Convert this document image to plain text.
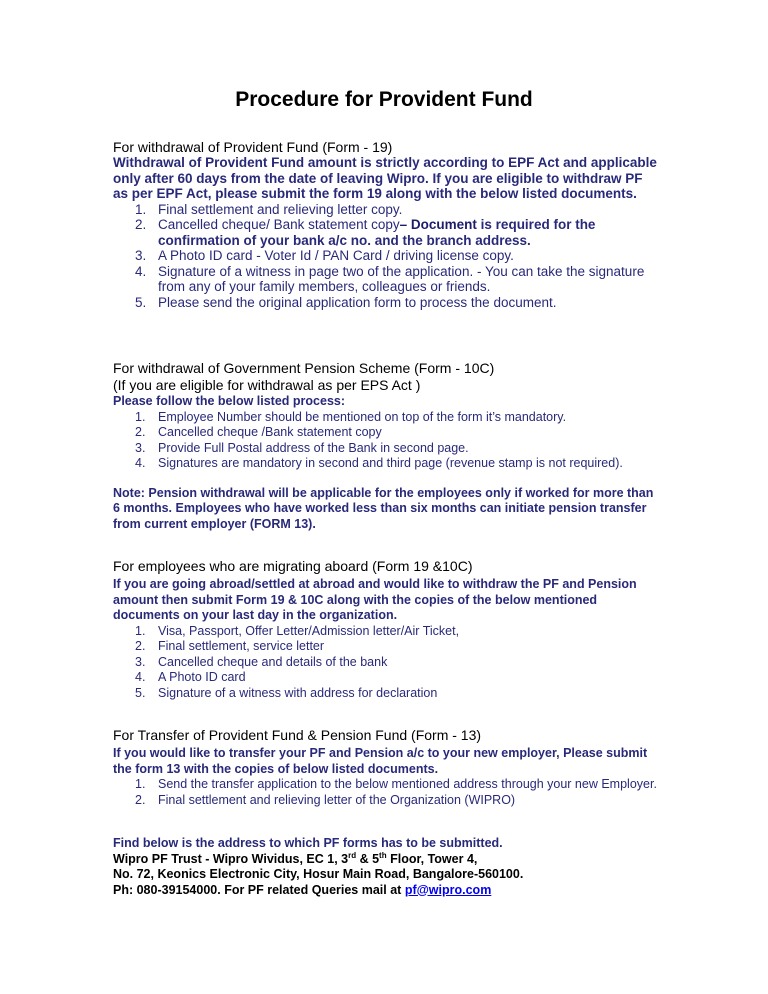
Procedure for Provident Fund

For withdrawal of Provident Fund (Form - 19)

Withdrawal of Provident Fund amount is strictly according to EPF Act and applicable only after 60 days from the date of leaving Wipro. If you are eligible to withdraw PF as per EPF Act, please submit the form 19 along with the below listed documents.

1. Final settlement and relieving letter copy.
2. Cancelled cheque/ Bank statement copy– Document is required for the confirmation of your bank a/c no. and the branch address.
3. A Photo ID card - Voter Id / PAN Card / driving license copy.
4. Signature of a witness in page two of the application. - You can take the signature from any of your family members, colleagues or friends.
5. Please send the original application form to process the document.

For withdrawal of Government Pension Scheme (Form - 10C)

(If you are eligible for withdrawal as per EPS Act )

Please follow the below listed process:

1. Employee Number should be mentioned on top of the form it’s mandatory.
2. Cancelled cheque /Bank statement copy
3. Provide Full Postal address of the Bank in second page.
4. Signatures are mandatory in second and third page (revenue stamp is not required).

Note: Pension withdrawal will be applicable for the employees only if worked for more than 6 months. Employees who have worked less than six months can initiate pension transfer from current employer (FORM 13).

For employees who are migrating aboard (Form 19 &10C)

If you are going abroad/settled at abroad and would like to withdraw the PF and Pension amount then submit Form 19 & 10C along with the copies of the below mentioned documents on your last day in the organization.

1. Visa, Passport, Offer Letter/Admission letter/Air Ticket,
2. Final settlement, service letter
3. Cancelled cheque and details of the bank
4. A Photo ID card
5. Signature of a witness with address for declaration

For Transfer of Provident Fund & Pension Fund (Form - 13)

If you would like to transfer your PF and Pension a/c to your new employer, Please submit the form 13 with the copies of below listed documents.

1. Send the transfer application to the below mentioned address through your new Employer.
2. Final settlement and relieving letter of the Organization (WIPRO)

Find below is the address to which PF forms has to be submitted.

Wipro PF Trust - Wipro Wividus, EC 1, 3rd & 5th Floor, Tower 4,

No. 72, Keonics Electronic City, Hosur Main Road, Bangalore-560100.

Ph: 080-39154000. For PF related Queries mail at pf@wipro.com
